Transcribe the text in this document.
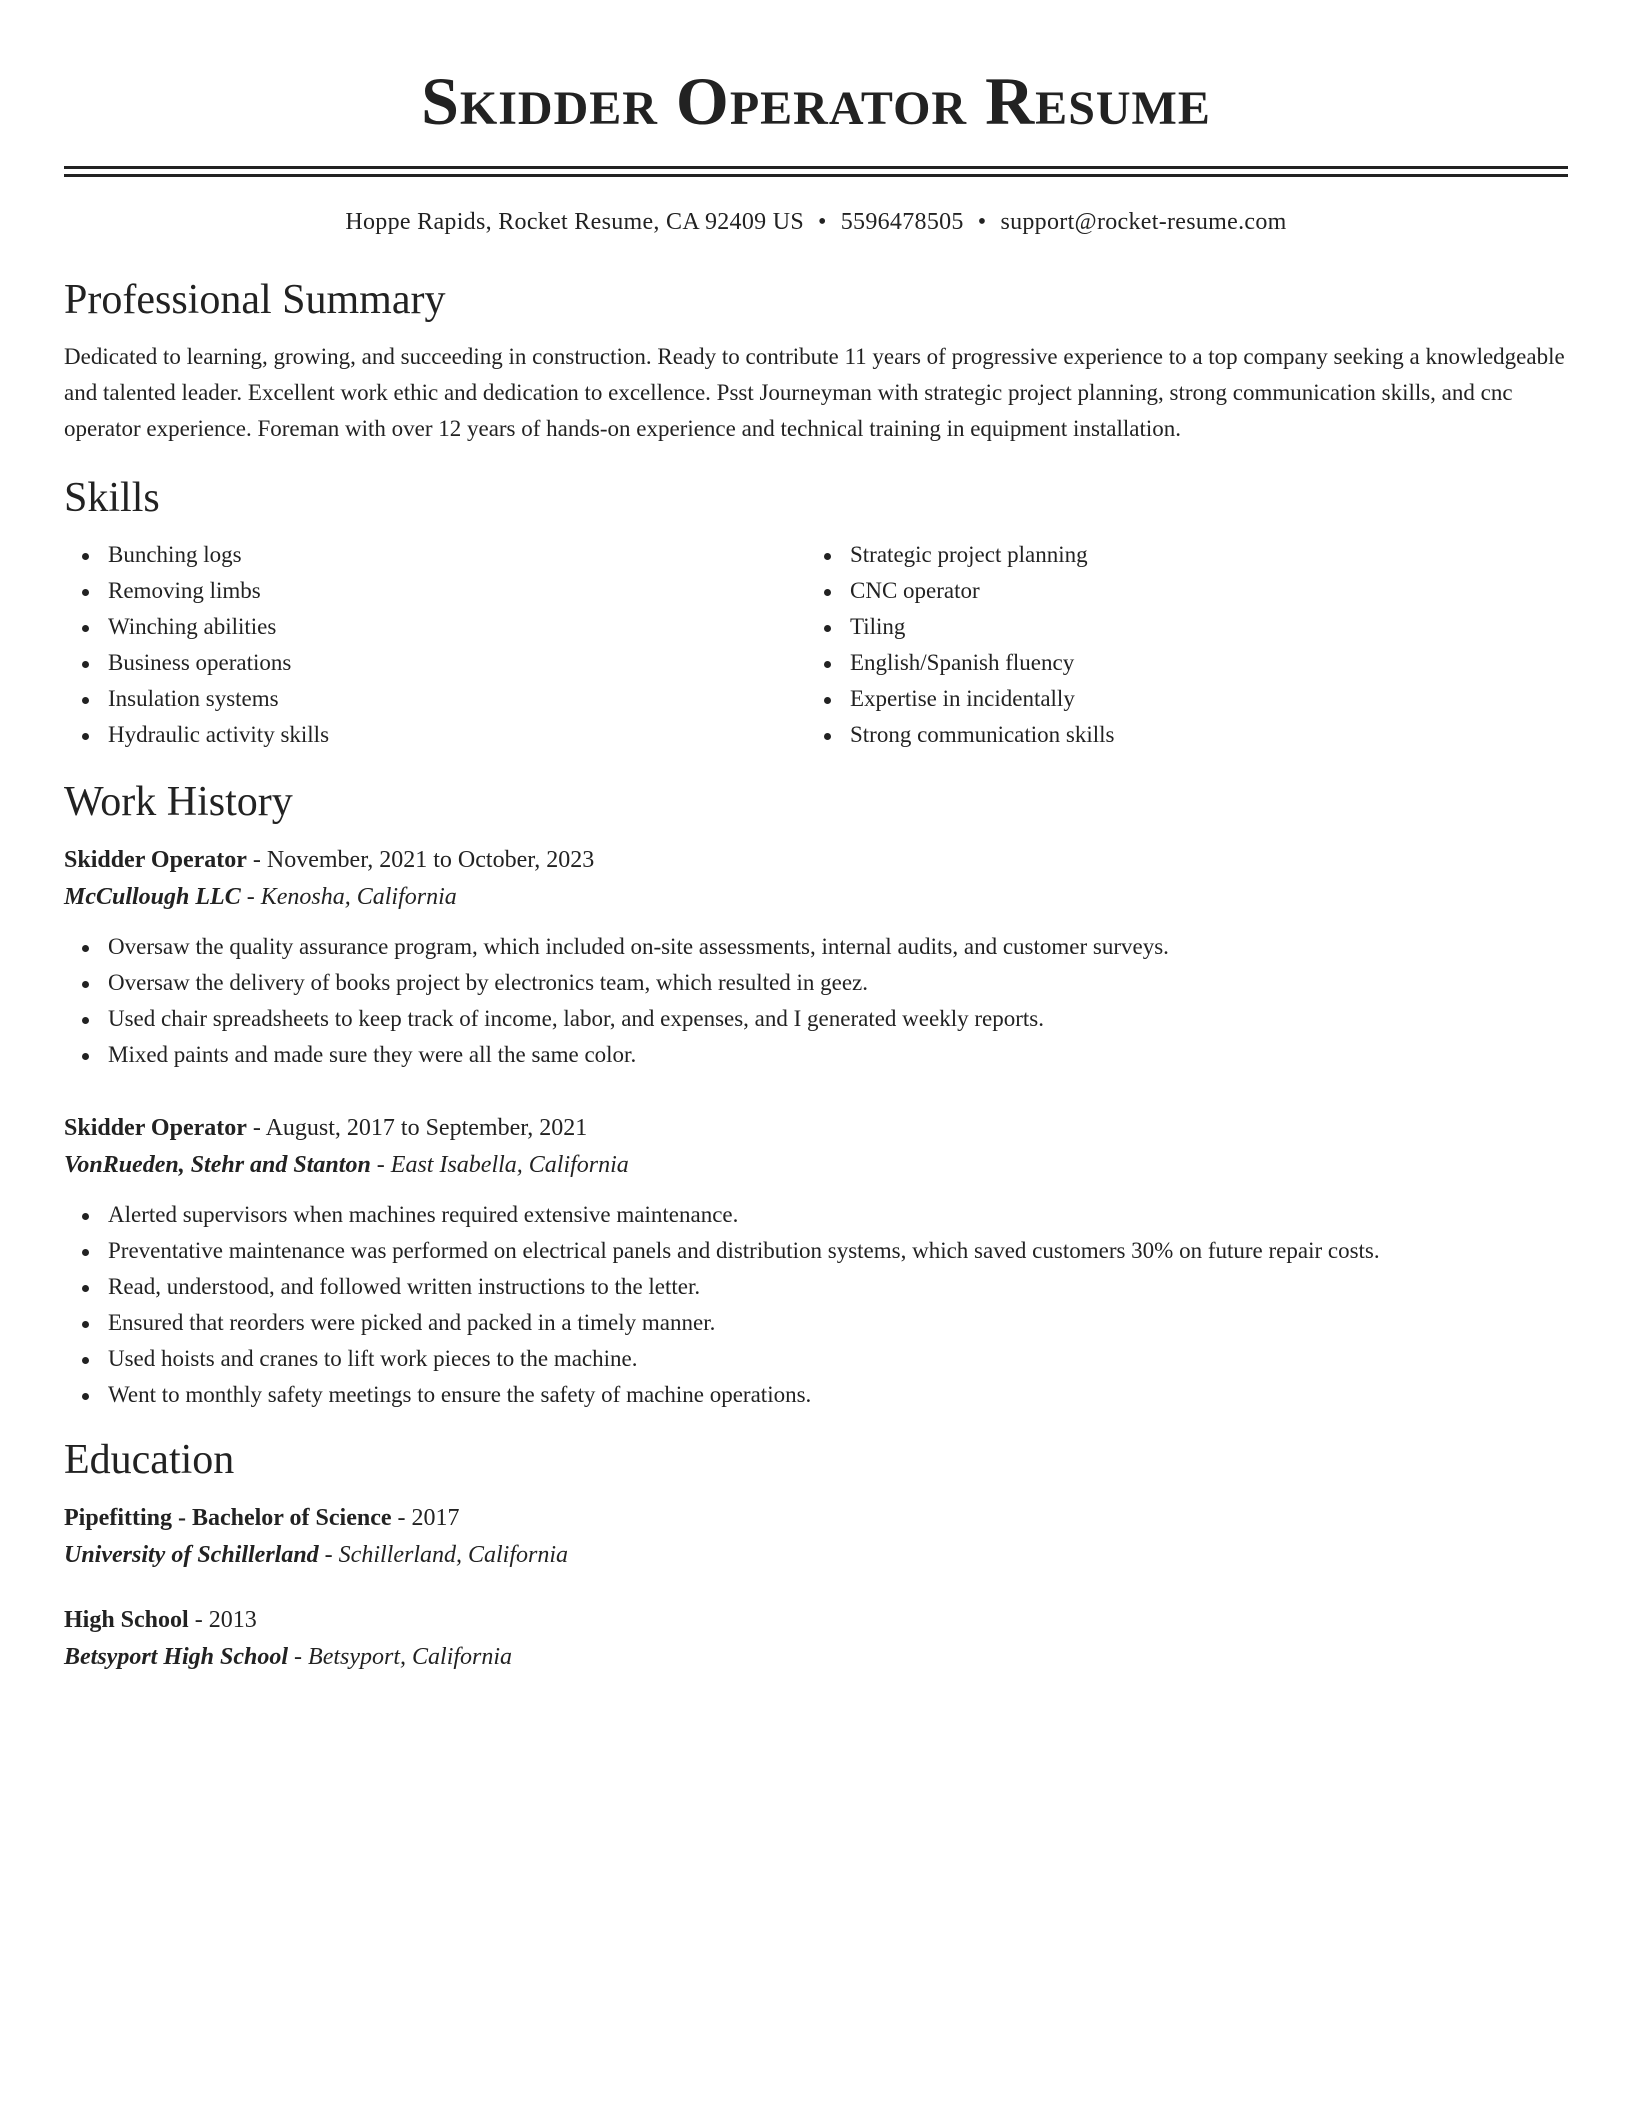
Skidder Operator Resume
Hoppe Rapids, Rocket Resume, CA 92409 US • 5596478505 • support@rocket-resume.com
Professional Summary

Dedicated to learning, growing, and succeeding in construction. Ready to contribute 11 years of progressive experience to a top company seeking a knowledgeable and talented leader. Excellent work ethic and dedication to excellence. Psst Journeyman with strategic project planning, strong communication skills, and cnc operator experience. Foreman with over 12 years of hands-on experience and technical training in equipment installation.

Skills
Bunching logs
Removing limbs
Winching abilities
Business operations
Insulation systems
Hydraulic activity skills
Strategic project planning
CNC operator
Tiling
English/Spanish fluency
Expertise in incidentally
Strong communication skills
Work History
Skidder Operator - November, 2021 to October, 2023
McCullough LLC - Kenosha, California
Oversaw the quality assurance program, which included on-site assessments, internal audits, and customer surveys.
Oversaw the delivery of books project by electronics team, which resulted in geez.
Used chair spreadsheets to keep track of income, labor, and expenses, and I generated weekly reports.
Mixed paints and made sure they were all the same color.
Skidder Operator - August, 2017 to September, 2021
VonRueden, Stehr and Stanton - East Isabella, California
Alerted supervisors when machines required extensive maintenance.
Preventative maintenance was performed on electrical panels and distribution systems, which saved customers 30% on future repair costs.
Read, understood, and followed written instructions to the letter.
Ensured that reorders were picked and packed in a timely manner.
Used hoists and cranes to lift work pieces to the machine.
Went to monthly safety meetings to ensure the safety of machine operations.
Education
Pipefitting - Bachelor of Science - 2017
University of Schillerland - Schillerland, California
High School - 2013
Betsyport High School - Betsyport, California
